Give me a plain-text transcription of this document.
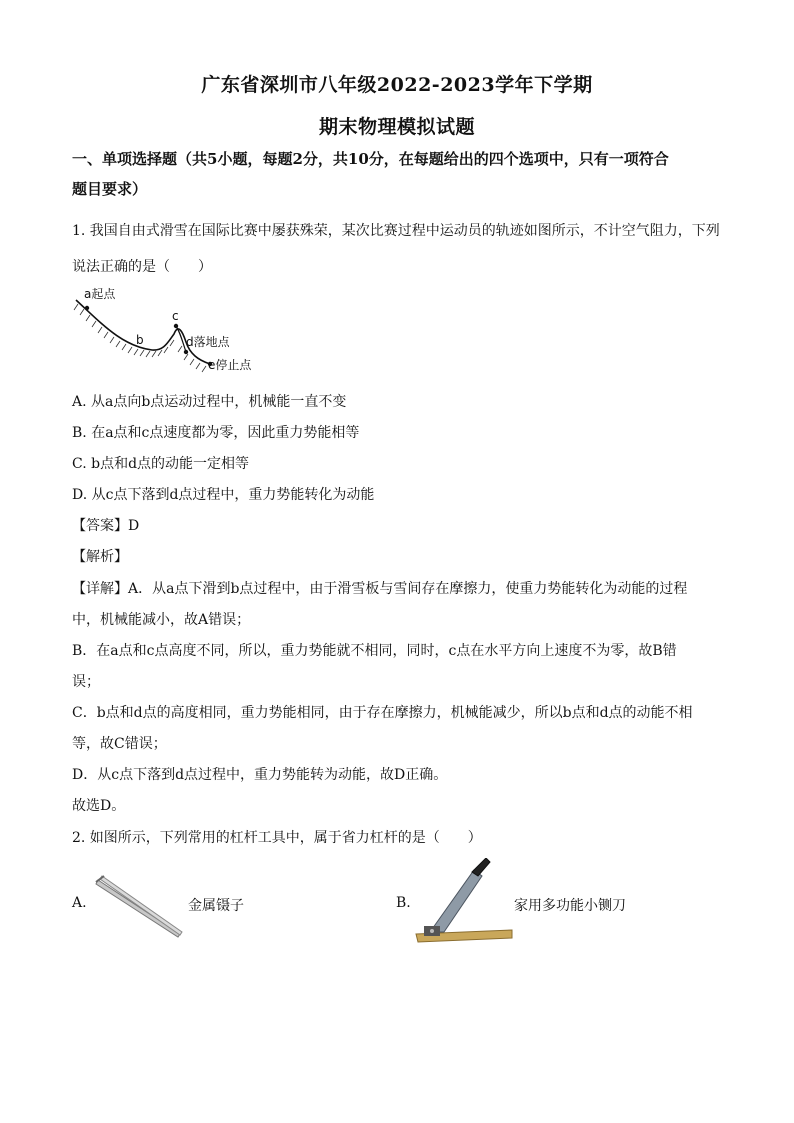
广东省深圳市八年级2022-2023学年下学期
期末物理模拟试题
一、单项选择题（共5小题，每题2分，共10分，在每题给出的四个选项中，只有一项符合
题目要求）
1. 我国自由式滑雪在国际比赛中屡获殊荣，某次比赛过程中运动员的轨迹如图所示，不计空气阻力，下列
说法正确的是（　　）
a起点
b
c
d落地点
e停止点
A. 从a点向b点运动过程中，机械能一直不变
B. 在a点和c点速度都为零，因此重力势能相等
C. b点和d点的动能一定相等
D. 从c点下落到d点过程中，重力势能转化为动能
【答案】D
【解析】
【详解】A．从a点下滑到b点过程中，由于滑雪板与雪间存在摩擦力，使重力势能转化为动能的过程
中，机械能减小，故A错误；
B．在a点和c点高度不同，所以，重力势能就不相同，同时，c点在水平方向上速度不为零，故B错
误；
C．b点和d点的高度相同，重力势能相同，由于存在摩擦力，机械能减少，所以b点和d点的动能不相
等，故C错误；
D．从c点下落到d点过程中，重力势能转为动能，故D正确。
故选D。
2. 如图所示，下列常用的杠杆工具中，属于省力杠杆的是（　　）
A.	金属镊子	B.	家用多功能小铡刀
